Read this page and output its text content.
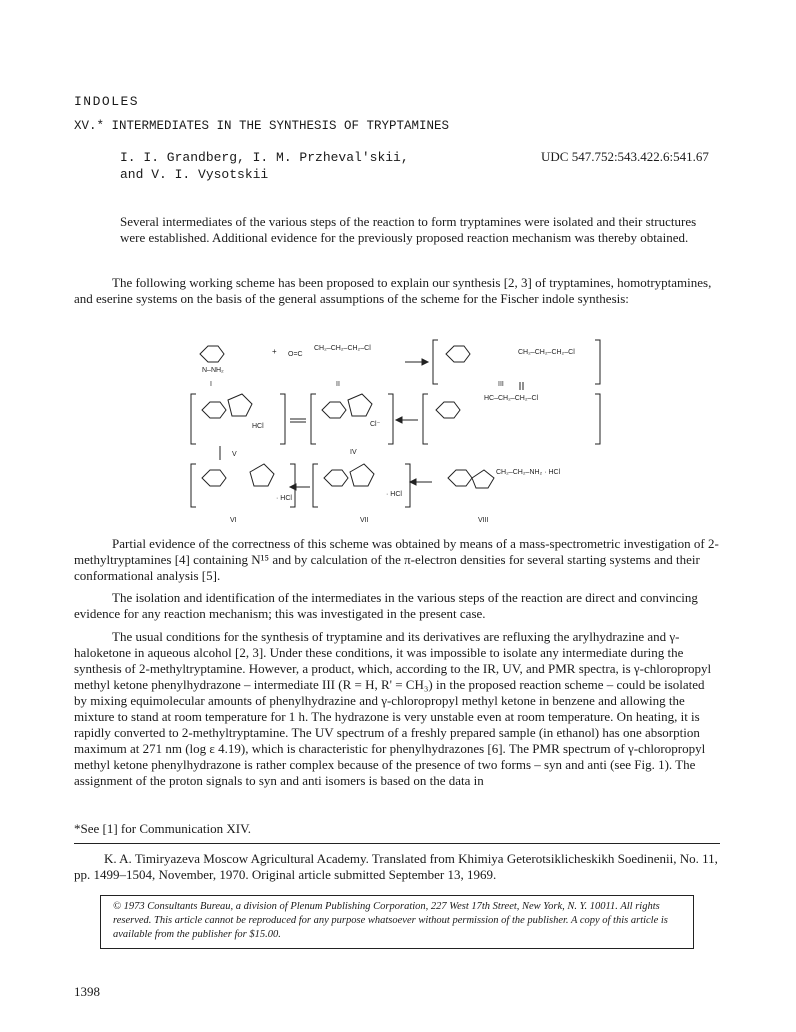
INDOLES
XV.* INTERMEDIATES IN THE SYNTHESIS OF TRYPTAMINES
I. I. Grandberg, I. M. Przheval'skii,
and V. I. Vysotskii
UDC 547.752:543.422.6:541.67
Several intermediates of the various steps of the reaction to form tryptamines were isolated and their structures were established. Additional evidence for the previously proposed reaction mechanism was thereby obtained.
The following working scheme has been proposed to explain our synthesis [2, 3] of tryptamines, homotryptamines, and eserine systems on the basis of the general assumptions of the scheme for the Fischer indole synthesis:
N–NH₂
I
+ O=C
CH₂–CH₂–CH₂–Cl
II
CH₂–CH₂–CH₂–Cl
III
HC–CH₂–CH₂–Cl
HCl	Cl⁻
IV
V
· HCl
VI
· HCl
VII
CH₂–CH₂–NH₂ · HCl
VIII
Partial evidence of the correctness of this scheme was obtained by means of a mass-spectrometric investigation of 2-methyltryptamines [4] containing N¹⁵ and by calculation of the π-electron densities for several starting systems and their conformational analysis [5].
The isolation and identification of the intermediates in the various steps of the reaction are direct and convincing evidence for any reaction mechanism; this was investigated in the present case.
The usual conditions for the synthesis of tryptamine and its derivatives are refluxing the arylhydrazine and γ-haloketone in aqueous alcohol [2, 3]. Under these conditions, it was impossible to isolate any intermediate during the synthesis of 2-methyltryptamine. However, a product, which, according to the IR, UV, and PMR spectra, is γ-chloropropyl methyl ketone phenylhydrazone – intermediate III (R = H, R' = CH₃) in the proposed reaction scheme – could be isolated by mixing equimolecular amounts of phenylhydrazine and γ-chloropropyl methyl ketone in benzene and allowing the mixture to stand at room temperature for 1 h. The hydrazone is very unstable even at room temperature. On heating, it is rapidly converted to 2-methyltryptamine. The UV spectrum of a freshly prepared sample (in ethanol) has one absorption maximum at 271 nm (log ε 4.19), which is characteristic for phenylhydrazones [6]. The PMR spectrum of γ-chloropropyl methyl ketone phenylhydrazone is rather complex because of the presence of two forms – syn and anti (see Fig. 1). The assignment of the proton signals to syn and anti isomers is based on the data in
*See [1] for Communication XIV.
K. A. Timiryazeva Moscow Agricultural Academy. Translated from Khimiya Geterotsiklicheskikh Soedinenii, No. 11, pp. 1499–1504, November, 1970. Original article submitted September 13, 1969.
© 1973 Consultants Bureau, a division of Plenum Publishing Corporation, 227 West 17th Street, New York, N. Y. 10011. All rights reserved. This article cannot be reproduced for any purpose whatsoever without permission of the publisher. A copy of this article is available from the publisher for $15.00.
1398
